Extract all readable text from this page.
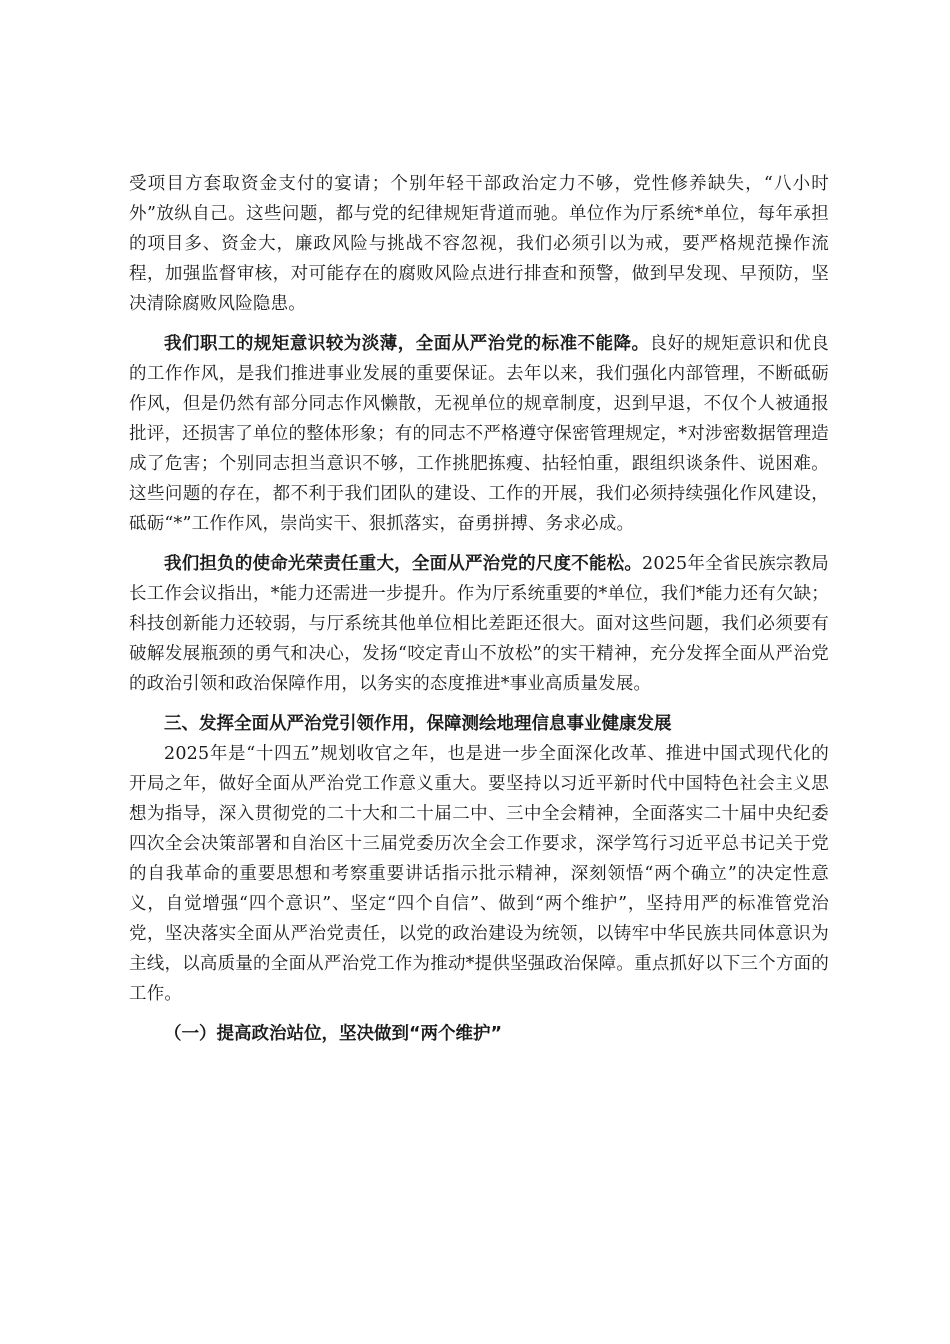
受项目方套取资金支付的宴请；个别年轻干部政治定力不够，党性修养缺失，“八小时外”放纵自己。这些问题，都与党的纪律规矩背道而驰。单位作为厅系统*单位，每年承担的项目多、资金大，廉政风险与挑战不容忽视，我们必须引以为戒，要严格规范操作流程，加强监督审核，对可能存在的腐败风险点进行排查和预警，做到早发现、早预防，坚决清除腐败风险隐患。

我们职工的规矩意识较为淡薄，全面从严治党的标准不能降。良好的规矩意识和优良的工作作风，是我们推进事业发展的重要保证。去年以来，我们强化内部管理，不断砥砺作风，但是仍然有部分同志作风懒散，无视单位的规章制度，迟到早退，不仅个人被通报批评，还损害了单位的整体形象；有的同志不严格遵守保密管理规定，*对涉密数据管理造成了危害；个别同志担当意识不够，工作挑肥拣瘦、拈轻怕重，跟组织谈条件、说困难。这些问题的存在，都不利于我们团队的建设、工作的开展，我们必须持续强化作风建设，砥砺“*”工作作风，崇尚实干、狠抓落实，奋勇拼搏、务求必成。

我们担负的使命光荣责任重大，全面从严治党的尺度不能松。2025年全省民族宗教局长工作会议指出，*能力还需进一步提升。作为厅系统重要的*单位，我们*能力还有欠缺；科技创新能力还较弱，与厅系统其他单位相比差距还很大。面对这些问题，我们必须要有破解发展瓶颈的勇气和决心，发扬“咬定青山不放松”的实干精神，充分发挥全面从严治党的政治引领和政治保障作用，以务实的态度推进*事业高质量发展。

三、发挥全面从严治党引领作用，保障测绘地理信息事业健康发展

2025年是“十四五”规划收官之年，也是进一步全面深化改革、推进中国式现代化的开局之年，做好全面从严治党工作意义重大。要坚持以习近平新时代中国特色社会主义思想为指导，深入贯彻党的二十大和二十届二中、三中全会精神，全面落实二十届中央纪委四次全会决策部署和自治区十三届党委历次全会工作要求，深学笃行习近平总书记关于党的自我革命的重要思想和考察重要讲话指示批示精神，深刻领悟“两个确立”的决定性意义，自觉增强“四个意识”、坚定“四个自信”、做到“两个维护”，坚持用严的标准管党治党，坚决落实全面从严治党责任，以党的政治建设为统领，以铸牢中华民族共同体意识为主线，以高质量的全面从严治党工作为推动*提供坚强政治保障。重点抓好以下三个方面的工作。

（一）提高政治站位，坚决做到“两个维护”
